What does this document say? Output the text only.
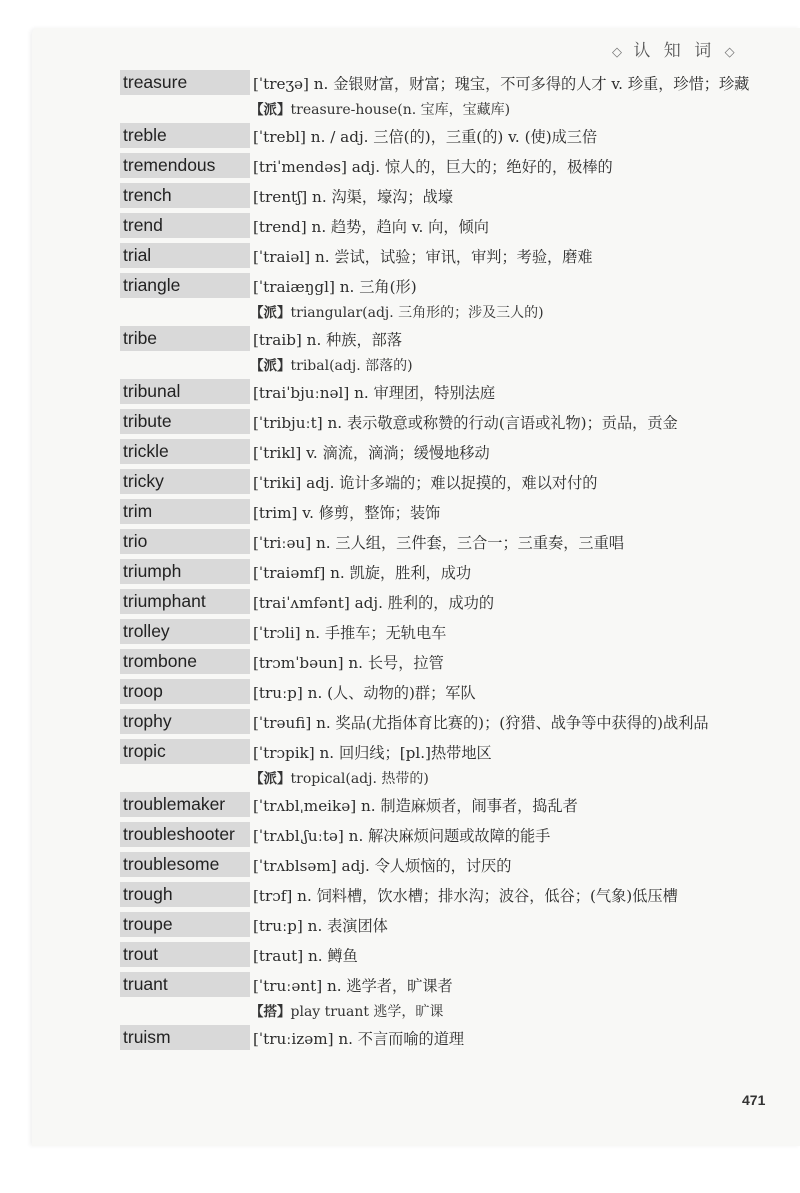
◇ 认 知 词 ◇
treasure	[ˈtreʒə] n. 金银财富，财富；瑰宝，不可多得的人才 v. 珍重，珍惜；珍藏
【派】treasure-house(n. 宝库，宝藏库)
treble	[ˈtrebl] n. / adj. 三倍(的)，三重(的) v. (使)成三倍
tremendous	[triˈmendəs] adj. 惊人的，巨大的；绝好的，极棒的
trench	[trentʃ] n. 沟渠，壕沟；战壕
trend	[trend] n. 趋势，趋向 v. 向，倾向
trial	[ˈtraiəl] n. 尝试，试验；审讯，审判；考验，磨难
triangle	[ˈtraiæŋgl] n. 三角(形)
【派】triangular(adj. 三角形的；涉及三人的)
tribe	[traib] n. 种族，部落
【派】tribal(adj. 部落的)
tribunal	[traiˈbjuːnəl] n. 审理团，特别法庭
tribute	[ˈtribjuːt] n. 表示敬意或称赞的行动(言语或礼物)；贡品，贡金
trickle	[ˈtrikl] v. 滴流，滴淌；缓慢地移动
tricky	[ˈtriki] adj. 诡计多端的；难以捉摸的，难以对付的
trim	[trim] v. 修剪，整饰；装饰
trio	[ˈtriːəu] n. 三人组，三件套，三合一；三重奏，三重唱
triumph	[ˈtraiəmf] n. 凯旋，胜利，成功
triumphant	[traiˈʌmfənt] adj. 胜利的，成功的
trolley	[ˈtrɔli] n. 手推车；无轨电车
trombone	[trɔmˈbəun] n. 长号，拉管
troop	[truːp] n. (人、动物的)群；军队
trophy	[ˈtrəufi] n. 奖品(尤指体育比赛的)；(狩猎、战争等中获得的)战利品
tropic	[ˈtrɔpik] n. 回归线；[pl.]热带地区
【派】tropical(adj. 热带的)
troublemaker	[ˈtrʌblˌmeikə] n. 制造麻烦者，闹事者，捣乱者
troubleshooter	[ˈtrʌblˌʃuːtə] n. 解决麻烦问题或故障的能手
troublesome	[ˈtrʌblsəm] adj. 令人烦恼的，讨厌的
trough	[trɔf] n. 饲料槽，饮水槽；排水沟；波谷，低谷；(气象)低压槽
troupe	[truːp] n. 表演团体
trout	[traut] n. 鳟鱼
truant	[ˈtruːənt] n. 逃学者，旷课者
【搭】play truant 逃学，旷课
truism	[ˈtruːizəm] n. 不言而喻的道理
471
